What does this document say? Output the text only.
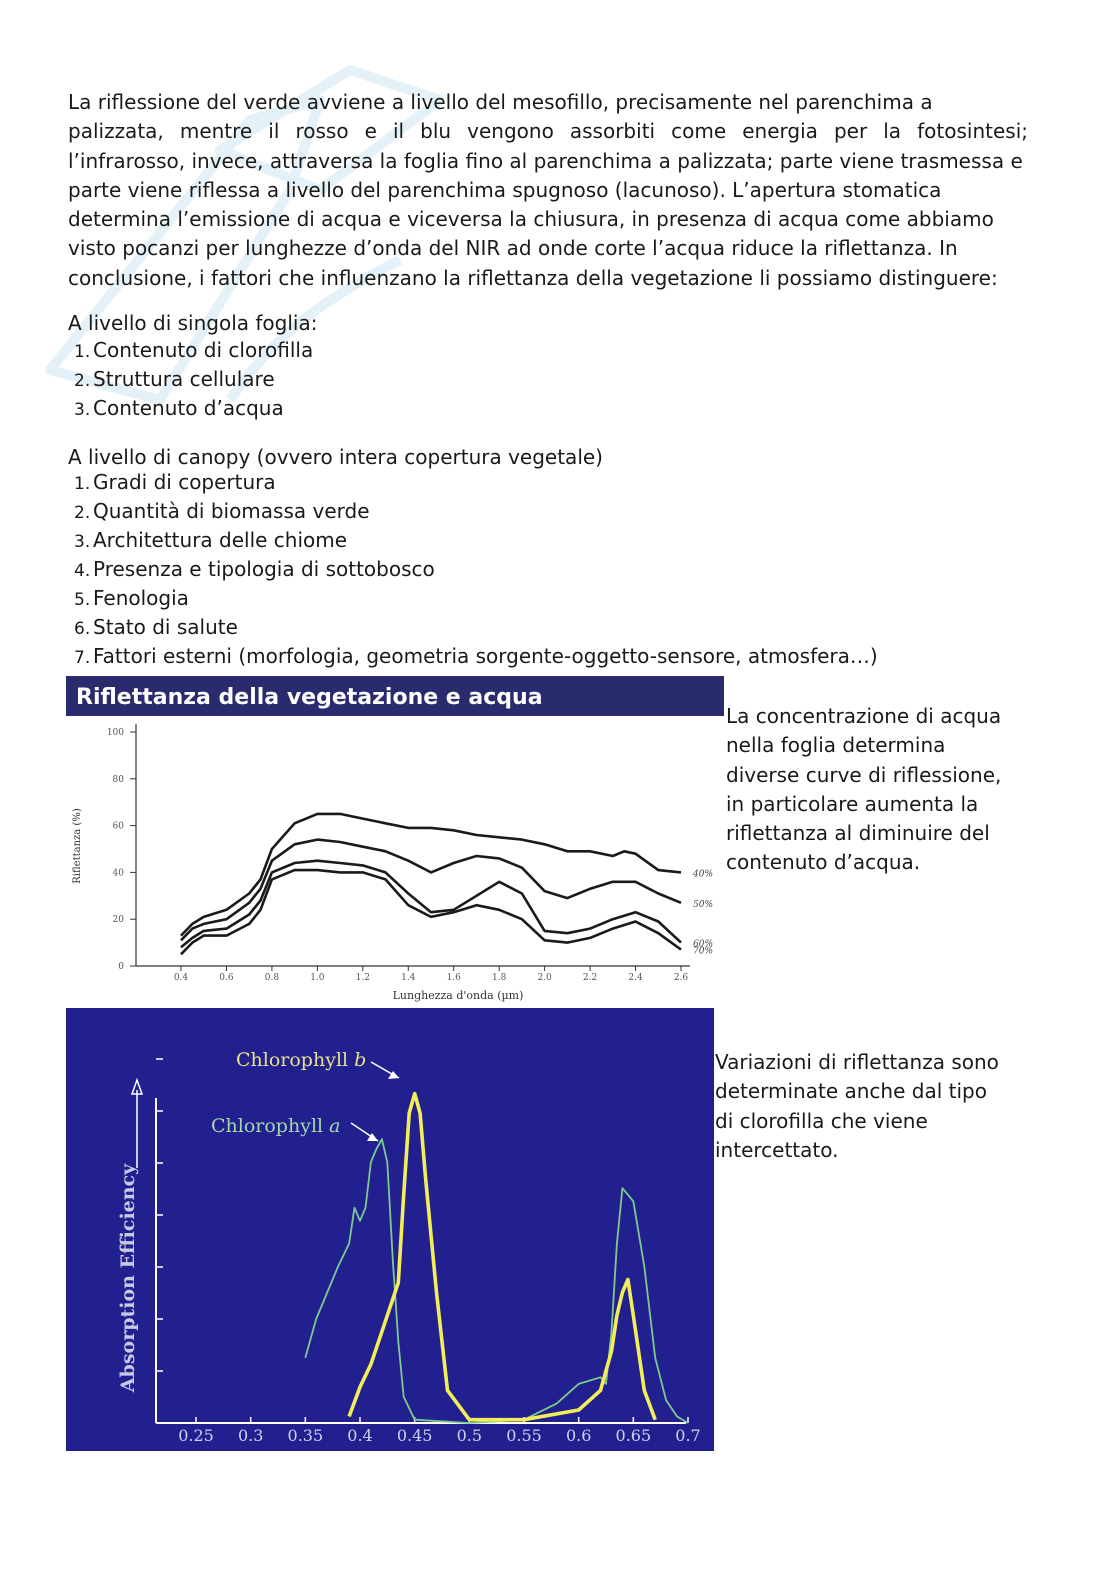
La riflessione del verde avviene a livello del mesofillo, precisamente nel parenchima a
palizzata, mentre il rosso e il blu vengono assorbiti come energia per la fotosintesi;
l’infrarosso, invece, attraversa la foglia fino al parenchima a palizzata; parte viene trasmessa e
parte viene riflessa a livello del parenchima spugnoso (lacunoso). L’apertura stomatica
determina l’emissione di acqua e viceversa la chiusura, in presenza di acqua come abbiamo
visto pocanzi per lunghezze d’onda del NIR ad onde corte l’acqua riduce la riflettanza. In
conclusione, i fattori che influenzano la riflettanza della vegetazione li possiamo distinguere:

A livello di singola foglia:

1. Contenuto di clorofilla
2. Struttura cellulare
3. Contenuto d’acqua

A livello di canopy (ovvero intera copertura vegetale)

1. Gradi di copertura
2. Quantità di biomassa verde
3. Architettura delle chiome
4. Presenza e tipologia di sottobosco
5. Fenologia
6. Stato di salute
7. Fattori esterni (morfologia, geometria sorgente-oggetto-sensore, atmosfera…)
Riflettanza della vegetazione e acqua
0
20
40
60
80
100
0.4	0.6	0.8	1.0	1.2	1.4	1.6	1.8	2.0	2.2	2.4	2.6
40%
50%
60%
70%
Riflettanza (%)
Lunghezza d'onda (µm)

La concentrazione di acqua
nella foglia determina
diverse curve di riflessione,
in particolare aumenta la
riflettanza al diminuire del
contenuto d’acqua.

0.25 0.3 0.35 0.4 0.45 0.5 0.55 0.6 0.65 0.7
Absorption Efficiency
Chlorophyll b
Chlorophyll a

Variazioni di riflettanza sono
determinate anche dal tipo
di clorofilla che viene
intercettato.
